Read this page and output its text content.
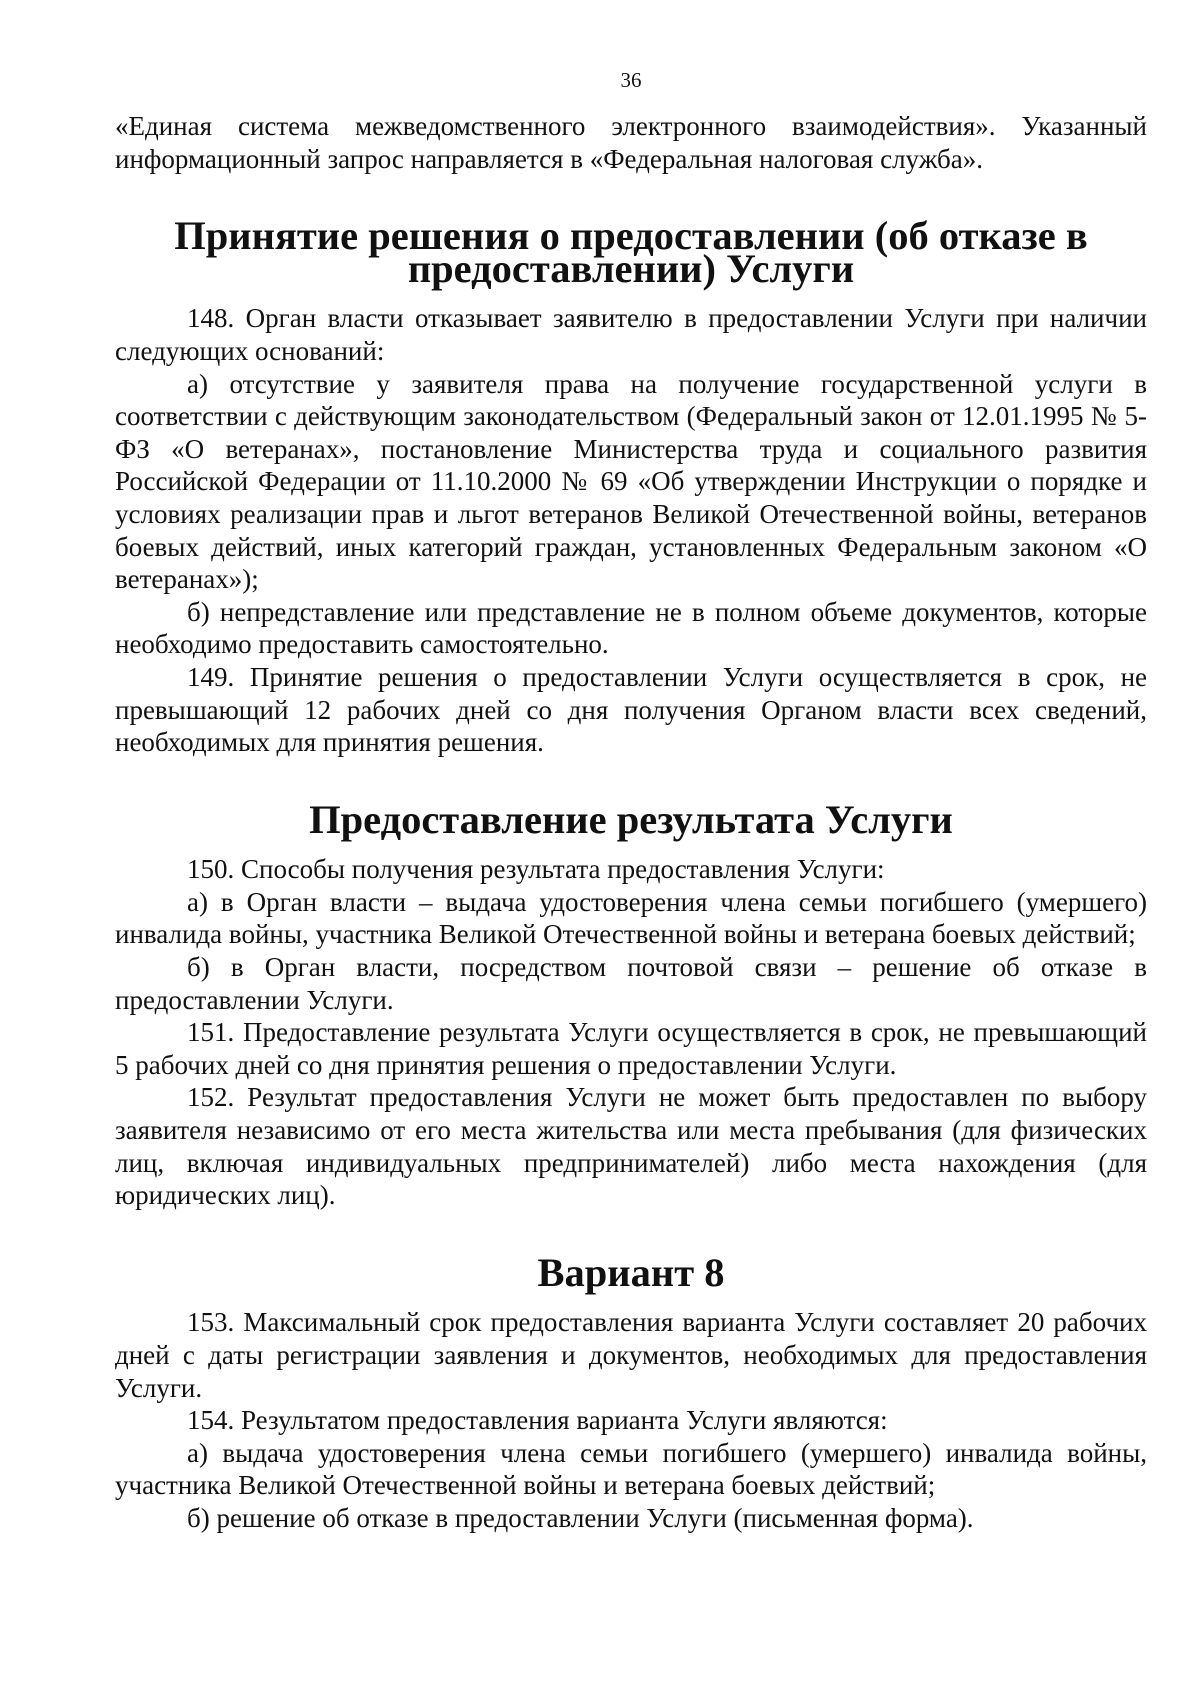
36

«Единая система межведомственного электронного взаимодействия». Указанный информационный запрос направляется в «Федеральная налоговая служба».

Принятие решения о предоставлении (об отказе в предоставлении) Услуги

148. Орган власти отказывает заявителю в предоставлении Услуги при наличии следующих оснований:

а) отсутствие у заявителя права на получение государственной услуги в соответствии с действующим законодательством (Федеральный закон от 12.01.1995 № 5-ФЗ «О ветеранах», постановление Министерства труда и социального развития Российской Федерации от 11.10.2000 № 69 «Об утверждении Инструкции о порядке и условиях реализации прав и льгот ветеранов Великой Отечественной войны, ветеранов боевых действий, иных категорий граждан, установленных Федеральным законом «О ветеранах»);

б) непредставление или представление не в полном объеме документов, которые необходимо предоставить самостоятельно.

149. Принятие решения о предоставлении Услуги осуществляется в срок, не превышающий 12 рабочих дней со дня получения Органом власти всех сведений, необходимых для принятия решения.

Предоставление результата Услуги

150. Способы получения результата предоставления Услуги:

а) в Орган власти – выдача удостоверения члена семьи погибшего (умершего) инвалида войны, участника Великой Отечественной войны и ветерана боевых действий;

б) в Орган власти, посредством почтовой связи – решение об отказе в предоставлении Услуги.

151. Предоставление результата Услуги осуществляется в срок, не превышающий 5 рабочих дней со дня принятия решения о предоставлении Услуги.

152. Результат предоставления Услуги не может быть предоставлен по выбору заявителя независимо от его места жительства или места пребывания (для физических лиц, включая индивидуальных предпринимателей) либо места нахождения (для юридических лиц).

Вариант 8

153. Максимальный срок предоставления варианта Услуги составляет 20 рабочих дней с даты регистрации заявления и документов, необходимых для предоставления Услуги.

154. Результатом предоставления варианта Услуги являются:

а) выдача удостоверения члена семьи погибшего (умершего) инвалида войны, участника Великой Отечественной войны и ветерана боевых действий;

б) решение об отказе в предоставлении Услуги (письменная форма).
